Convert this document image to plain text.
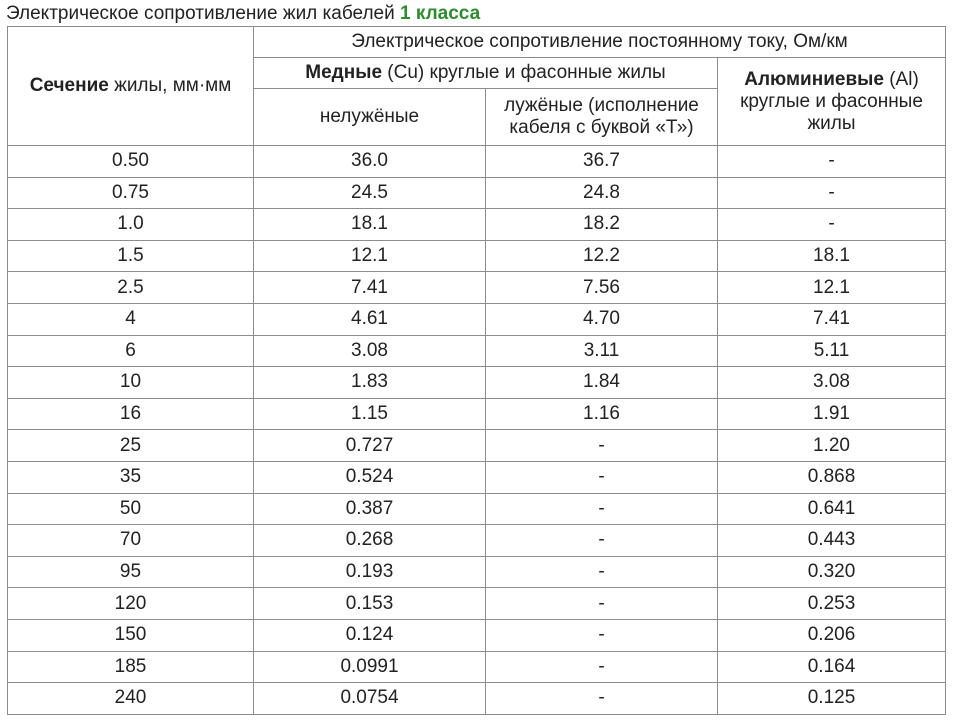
Электрическое сопротивление жил кабелей 1 класса
Сечение жилы, мм·мм	Электрическое сопротивление постоянному току, Ом/км		
	Медные (Cu) круглые и фасонные жилы		Алюминиевые (Al) круглые и фасонные жилы
	нелужёные	лужёные (исполнение кабеля с буквой «Т»)	
0.50	36.0	36.7	-
0.75	24.5	24.8	-
1.0	18.1	18.2	-
1.5	12.1	12.2	18.1
2.5	7.41	7.56	12.1
4	4.61	4.70	7.41
6	3.08	3.11	5.11
10	1.83	1.84	3.08
16	1.15	1.16	1.91
25	0.727	-	1.20
35	0.524	-	0.868
50	0.387	-	0.641
70	0.268	-	0.443
95	0.193	-	0.320
120	0.153	-	0.253
150	0.124	-	0.206
185	0.0991	-	0.164
240	0.0754	-	0.125
